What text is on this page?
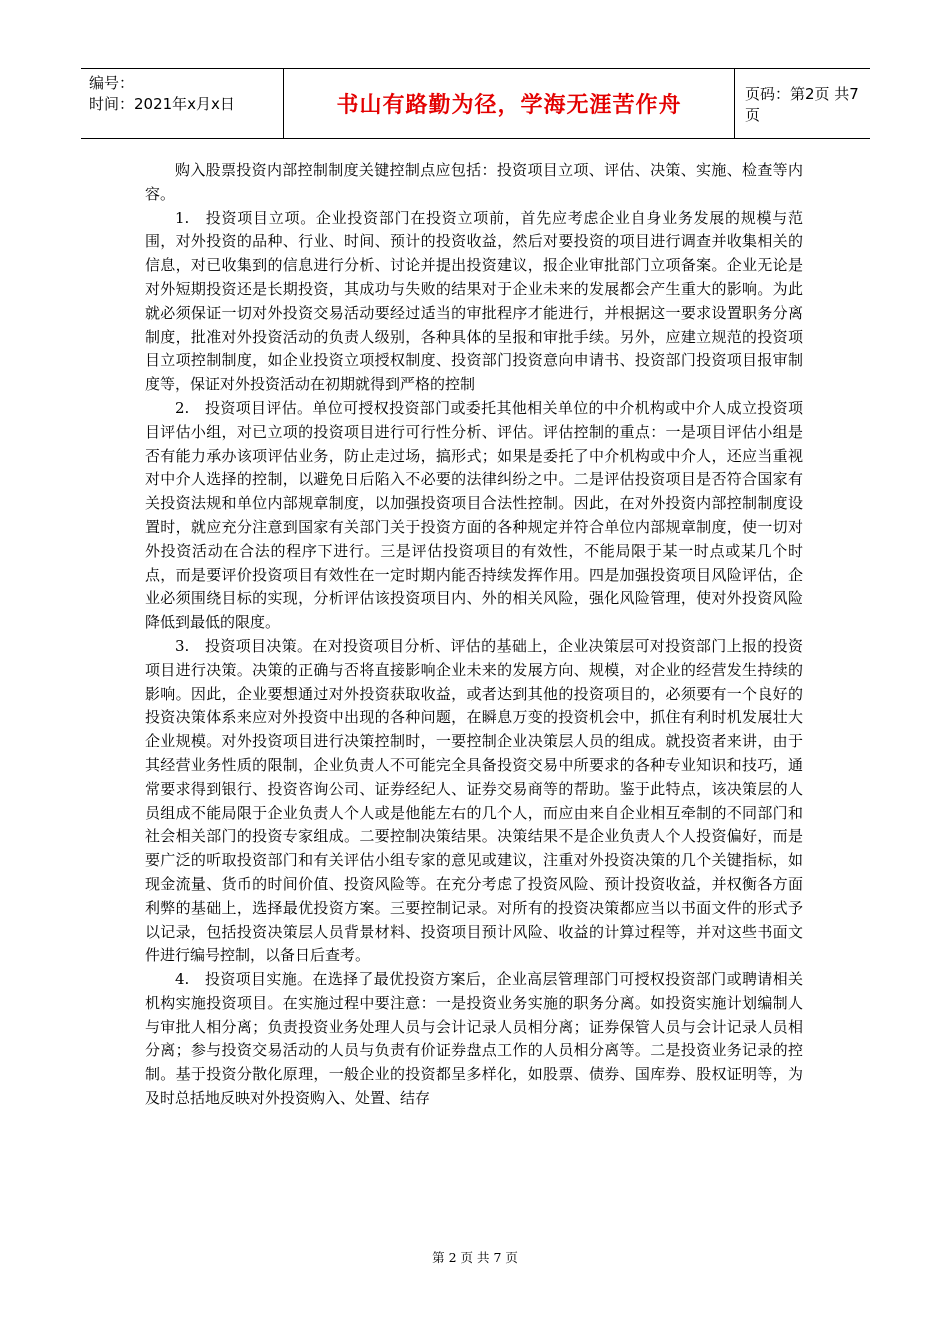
编号：
时间：2021年x月x日	书山有路勤为径，学海无涯苦作舟	页码：第2页 共7页

购入股票投资内部控制制度关键控制点应包括：投资项目立项、评估、决策、实施、检查等内容。

1.　投资项目立项。企业投资部门在投资立项前，首先应考虑企业自身业务发展的规模与范围，对外投资的品种、行业、时间、预计的投资收益，然后对要投资的项目进行调查并收集相关的信息，对已收集到的信息进行分析、讨论并提出投资建议，报企业审批部门立项备案。企业无论是对外短期投资还是长期投资，其成功与失败的结果对于企业未来的发展都会产生重大的影响。为此就必须保证一切对外投资交易活动要经过适当的审批程序才能进行，并根据这一要求设置职务分离制度，批准对外投资活动的负责人级别，各种具体的呈报和审批手续。另外，应建立规范的投资项目立项控制制度，如企业投资立项授权制度、投资部门投资意向申请书、投资部门投资项目报审制度等，保证对外投资活动在初期就得到严格的控制

2.　投资项目评估。单位可授权投资部门或委托其他相关单位的中介机构或中介人成立投资项目评估小组，对已立项的投资项目进行可行性分析、评估。评估控制的重点：一是项目评估小组是否有能力承办该项评估业务，防止走过场，搞形式；如果是委托了中介机构或中介人，还应当重视对中介人选择的控制，以避免日后陷入不必要的法律纠纷之中。二是评估投资项目是否符合国家有关投资法规和单位内部规章制度，以加强投资项目合法性控制。因此，在对外投资内部控制制度设置时，就应充分注意到国家有关部门关于投资方面的各种规定并符合单位内部规章制度，使一切对外投资活动在合法的程序下进行。三是评估投资项目的有效性，不能局限于某一时点或某几个时点，而是要评价投资项目有效性在一定时期内能否持续发挥作用。四是加强投资项目风险评估，企业必须围绕目标的实现，分析评估该投资项目内、外的相关风险，强化风险管理，使对外投资风险降低到最低的限度。

3.　投资项目决策。在对投资项目分析、评估的基础上，企业决策层可对投资部门上报的投资项目进行决策。决策的正确与否将直接影响企业未来的发展方向、规模，对企业的经营发生持续的影响。因此，企业要想通过对外投资获取收益，或者达到其他的投资项目的，必须要有一个良好的投资决策体系来应对外投资中出现的各种问题，在瞬息万变的投资机会中，抓住有利时机发展壮大企业规模。对外投资项目进行决策控制时，一要控制企业决策层人员的组成。就投资者来讲，由于其经营业务性质的限制，企业负责人不可能完全具备投资交易中所要求的各种专业知识和技巧，通常要求得到银行、投资咨询公司、证券经纪人、证券交易商等的帮助。鉴于此特点，该决策层的人员组成不能局限于企业负责人个人或是他能左右的几个人，而应由来自企业相互牵制的不同部门和社会相关部门的投资专家组成。二要控制决策结果。决策结果不是企业负责人个人投资偏好，而是要广泛的听取投资部门和有关评估小组专家的意见或建议，注重对外投资决策的几个关键指标，如现金流量、货币的时间价值、投资风险等。在充分考虑了投资风险、预计投资收益，并权衡各方面利弊的基础上，选择最优投资方案。三要控制记录。对所有的投资决策都应当以书面文件的形式予以记录，包括投资决策层人员背景材料、投资项目预计风险、收益的计算过程等，并对这些书面文件进行编号控制，以备日后查考。

4.　投资项目实施。在选择了最优投资方案后，企业高层管理部门可授权投资部门或聘请相关机构实施投资项目。在实施过程中要注意：一是投资业务实施的职务分离。如投资实施计划编制人与审批人相分离；负责投资业务处理人员与会计记录人员相分离；证券保管人员与会计记录人员相分离；参与投资交易活动的人员与负责有价证券盘点工作的人员相分离等。二是投资业务记录的控制。基于投资分散化原理，一般企业的投资都呈多样化，如股票、债券、国库券、股权证明等，为及时总括地反映对外投资购入、处置、结存

第 2 页 共 7 页
